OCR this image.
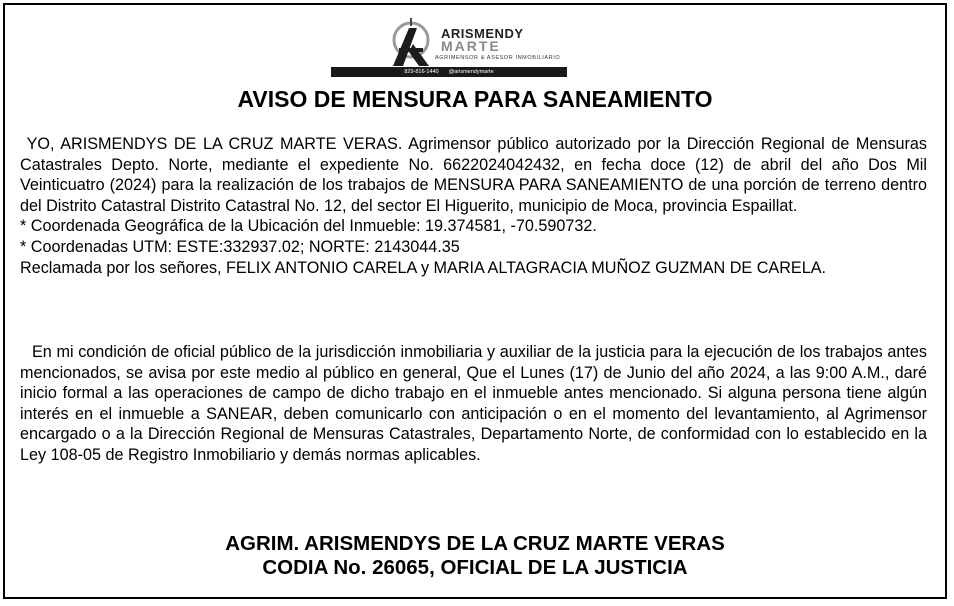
ARISMENDY
MARTE
AGRIMENSOR & ASESOR INMOBILIARIO
829-816-1440 @arismendymarte
AVISO DE MENSURA PARA SANEAMIENTO
YO, ARISMENDYS DE LA CRUZ MARTE VERAS. Agrimensor público autorizado por la Dirección Regional de Mensuras Catastrales Depto. Norte, mediante el expediente No. 6622024042432, en fecha doce (12) de abril del año Dos Mil Veinticuatro (2024) para la realización de los trabajos de MENSURA PARA SANEAMIENTO de una porción de terreno dentro del Distrito Catastral Distrito Catastral No. 12, del sector El Higuerito, municipio de Moca, provincia Espaillat.
* Coordenada Geográfica de la Ubicación del Inmueble: 19.374581, -70.590732.
* Coordenadas UTM: ESTE:332937.02; NORTE: 2143044.35
Reclamada por los señores, FELIX ANTONIO CARELA y MARIA ALTAGRACIA MUÑOZ GUZMAN DE CARELA.

En mi condición de oficial público de la jurisdicción inmobiliaria y auxiliar de la justicia para la ejecución de los trabajos antes mencionados, se avisa por este medio al público en general, Que el Lunes (17) de Junio del año 2024, a las 9:00 A.M., daré inicio formal a las operaciones de campo de dicho trabajo en el inmueble antes mencionado. Si alguna persona tiene algún interés en el inmueble a SANEAR, deben comunicarlo con anticipación o en el momento del levantamiento, al Agrimensor encargado o a la Dirección Regional de Mensuras Catastrales, Departamento Norte, de conformidad con lo establecido en la Ley 108-05 de Registro Inmobiliario y demás normas aplicables.

AGRIM. ARISMENDYS DE LA CRUZ MARTE VERAS
CODIA No. 26065, OFICIAL DE LA JUSTICIA
